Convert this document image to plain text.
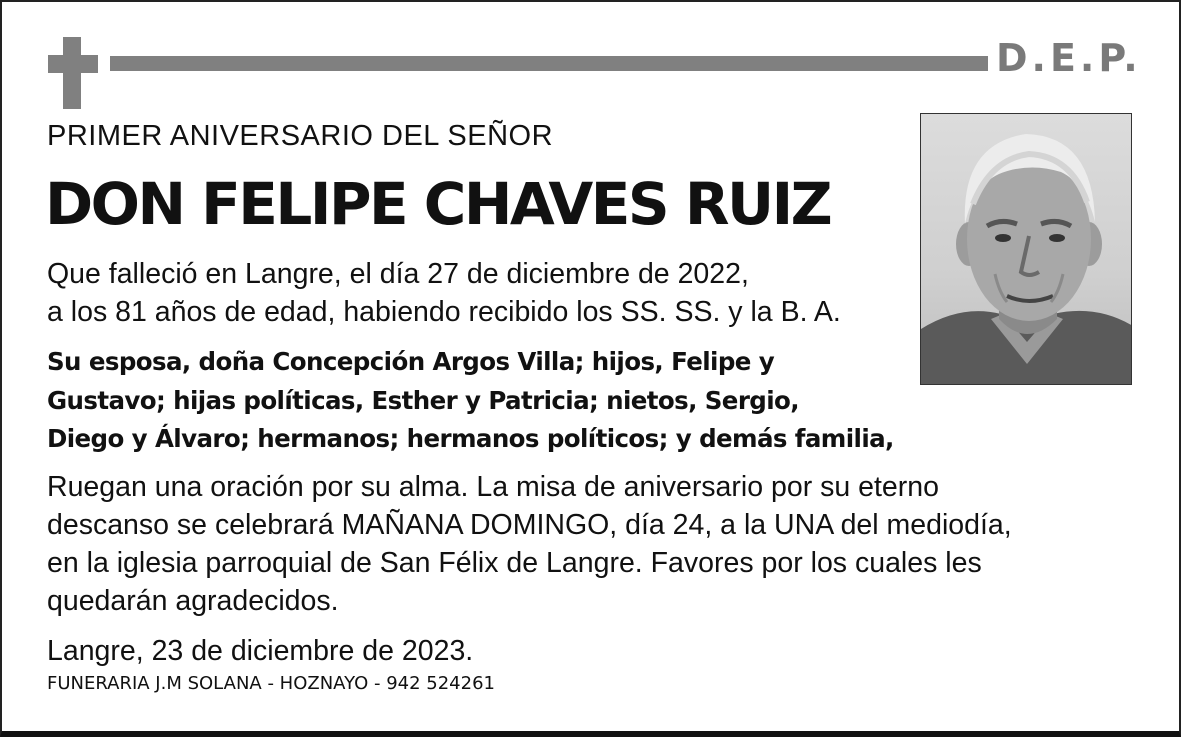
D.E.P.
PRIMER ANIVERSARIO DEL SEÑOR
DON FELIPE CHAVES RUIZ
Que falleció en Langre, el día 27 de diciembre de 2022,
a los 81 años de edad, habiendo recibido los SS. SS. y la B. A.
Su esposa, doña Concepción Argos Villa; hijos, Felipe y
Gustavo; hijas políticas, Esther y Patricia; nietos, Sergio,
Diego y Álvaro; hermanos; hermanos políticos; y demás familia,
Ruegan una oración por su alma. La misa de aniversario por su eterno
descanso se celebrará MAÑANA DOMINGO, día 24, a la UNA del mediodía,
en la iglesia parroquial de San Félix de Langre. Favores por los cuales les
quedarán agradecidos.
Langre, 23 de diciembre de 2023.
FUNERARIA J.M SOLANA - HOZNAYO - 942 524261
